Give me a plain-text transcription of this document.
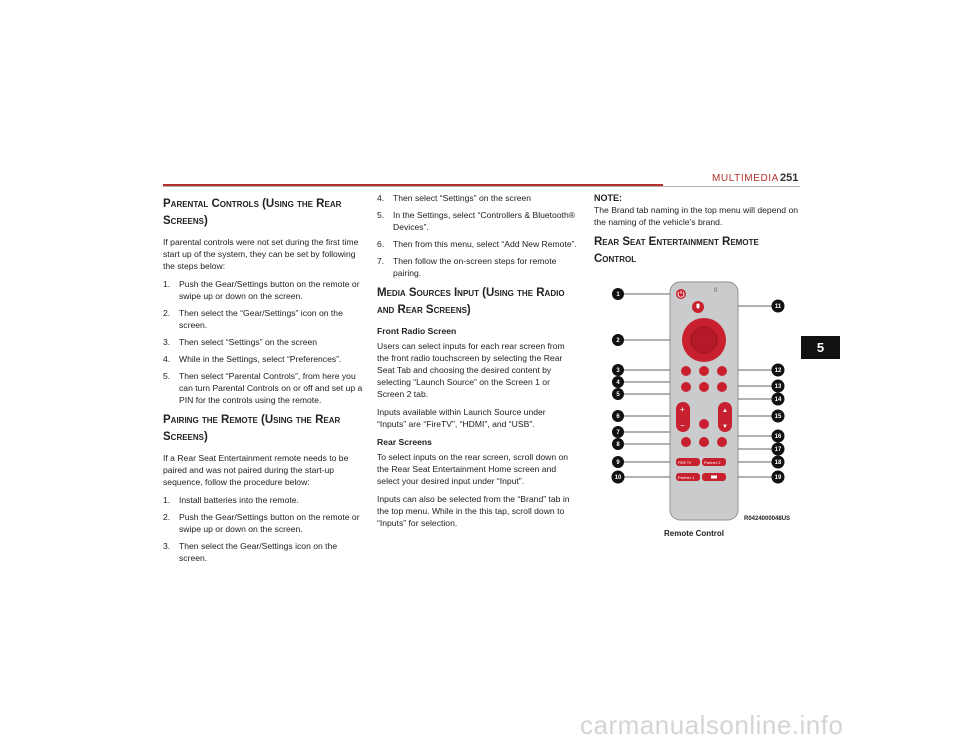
MULTIMEDIA 251
5
Parental Controls (Using the Rear Screens)

If parental controls were not set during the first time start up of the system, they can be set by following the steps below:

1. Push the Gear/Settings button on the remote or swipe up or down on the screen.
2. Then select the “Gear/Settings” icon on the screen.
3. Then select “Settings” on the screen
4. While in the Settings, select “Preferences”.
5. Then select “Parental Controls”, from here you can turn Parental Controls on or off and set up a PIN for the controls using the remote.
Pairing the Remote (Using the Rear Screens)

If a Rear Seat Entertainment remote needs to be paired and was not paired during the start-up sequence, follow the procedure below:

1. Install batteries into the remote.
2. Push the Gear/Settings button on the remote or swipe up or down on the screen.
3. Then select the Gear/Settings icon on the screen.
4. Then select “Settings” on the screen
5. In the Settings, select “Controllers & Bluetooth® Devices”.
6. Then from this menu, select “Add New Remote”.
7. Then follow the on-screen steps for remote pairing.
Media Sources Input (Using the Radio and Rear Screens)

Front Radio Screen

Users can select inputs for each rear screen from the front radio touchscreen by selecting the Rear Seat Tab and choosing the desired content by selecting “Launch Source” on the Screen 1 or Screen 2 tab.

Inputs available within Launch Source under “Inputs” are “FireTV”, “HDMI”, and “USB”.

Rear Screens

To select inputs on the rear screen, scroll down on the Rear Seat Entertainment Home screen and select your desired input under “Input”.

Inputs can also be selected from the “Brand” tab in the top menu. While in the this tap, scroll down to “Inputs” for selection.

NOTE:

The Brand tab naming in the top menu will depend on the naming of the vehicle’s brand.

Rear Seat Entertainment Remote Control
0
+
−
▲
▼
FIRE TV	Partner 2
Partner 1
1
2
3
4
5
6
7
8
9
10
11
12
13
14
15
16
17
18
19
R0424000048US
Remote Control
carmanualsonline.info
